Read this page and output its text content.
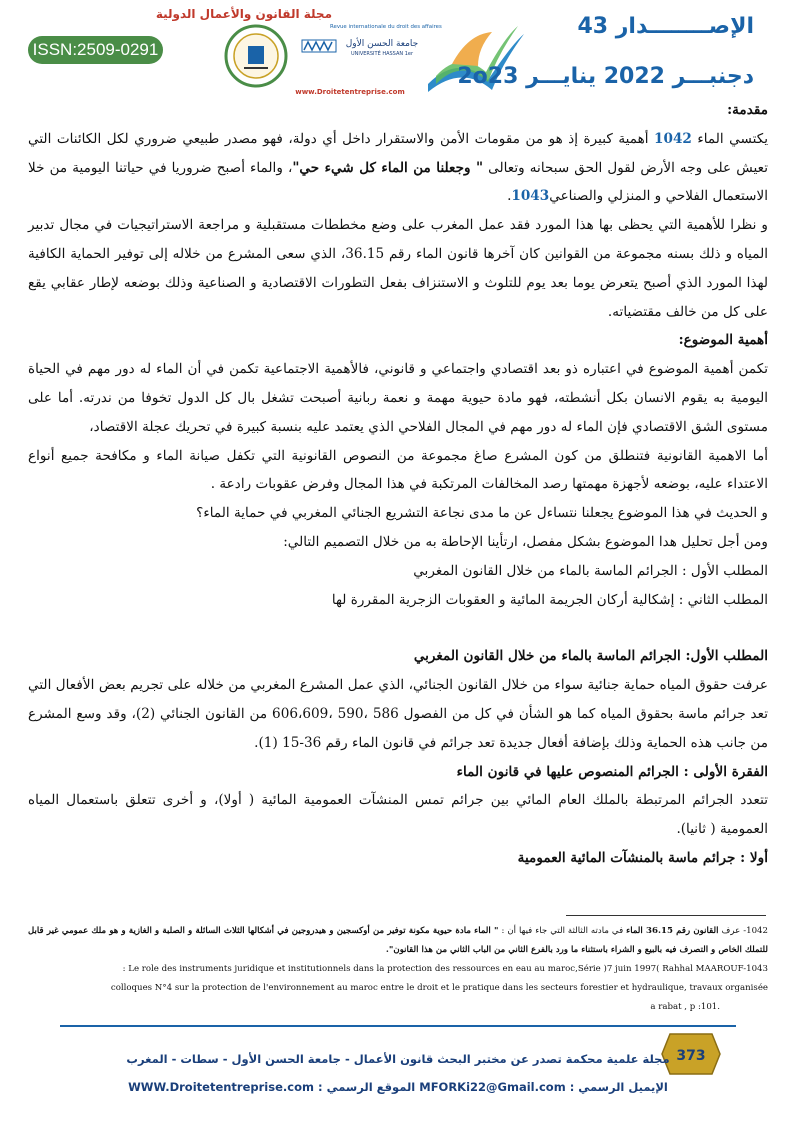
ISSN:2509-0291
مجلة القانون والأعمال الدولية
Revue internationale du droit des affaires
جامعة الحسن الأول
UNIVERSITÉ HASSAN 1er
www.Droitetentreprise.com
الإصــــــــدار 43
دجنبـــر 2022 ينايـــر 2o23

مقدمة:

يكتسي الماء 1042 أهمية كبيرة إذ هو من مقومات الأمن والاستقرار داخل أي دولة، فهو مصدر طبيعي ضروري لكل الكائنات التي تعيش على وجه الأرض لقول الحق سبحانه وتعالى " وجعلنا من الماء كل شيء حي"، والماء أصبح ضروريا في حياتنا اليومية من خلا الاستعمال الفلاحي و المنزلي والصناعي1043.

و نظرا للأهمية التي يحظى بها هذا المورد فقد عمل المغرب على وضع مخططات مستقبلية و مراجعة الاستراتيجيات في مجال تدبير المياه و ذلك بسنه مجموعة من القوانين كان آخرها قانون الماء رقم 36.15، الذي سعى المشرع من خلاله إلى توفير الحماية الكافية لهذا المورد الذي أصبح يتعرض يوما بعد يوم للتلوث و الاستنزاف بفعل التطورات الاقتصادية و الصناعية وذلك بوضعه لإطار عقابي يقع على كل من خالف مقتضياته.

أهمية الموضوع:

تكمن أهمية الموضوع في اعتباره ذو بعد اقتصادي واجتماعي و قانوني، فالأهمية الاجتماعية تكمن في أن الماء له دور مهم في الحياة اليومية به يقوم الانسان بكل أنشطته، فهو مادة حيوية مهمة و نعمة ربانية أصبحت تشغل بال كل الدول تخوفا من ندرته. أما على مستوى الشق الاقتصادي فإن الماء له دور مهم في المجال الفلاحي الذي يعتمد عليه بنسبة كبيرة في تحريك عجلة الاقتصاد،

أما الاهمية القانونية فتنطلق من كون المشرع صاغ مجموعة من النصوص القانونية التي تكفل صيانة الماء و مكافحة جميع أنواع الاعتداء عليه، بوضعه لأجهزة مهمتها رصد المخالفات المرتكبة في هذا المجال وفرض عقوبات رادعة .

و الحديث في هذا الموضوع يجعلنا نتساءل عن ما مدى نجاعة التشريع الجنائي المغربي في حماية الماء؟

ومن أجل تحليل هدا الموضوع بشكل مفصل، ارتأينا الإحاطة به من خلال التصميم التالي:

المطلب الأول : الجرائم الماسة بالماء من خلال القانون المغربي

المطلب الثاني : إشكالية أركان الجريمة المائية و العقوبات الزجرية المقررة لها

المطلب الأول: الجرائم الماسة بالماء من خلال القانون المغربي

عرفت حقوق المياه حماية جنائية سواء من خلال القانون الجنائي، الذي عمل المشرع المغربي من خلاله على تجريم بعض الأفعال التي تعد جرائم ماسة بحقوق المياه كما هو الشأن في كل من الفصول 586 ،590 ،606،609 من القانون الجنائي (2)، وقد وسع المشرع من جانب هذه الحماية وذلك بإضافة أفعال جديدة تعد جرائم في قانون الماء رقم 36-15 (1).

الفقرة الأولى : الجرائم المنصوص عليها في قانون الماء

تتعدد الجرائم المرتبطة بالملك العام المائي بين جرائم تمس المنشآت العمومية المائية ( أولا)، و أخرى تتعلق باستعمال المياه العمومية ( ثانيا).

أولا : جرائم ماسة بالمنشآت المائية العمومية

1042- عرف القانون رقم 36.15 الماء في مادته الثالثة التي جاء فيها أن : " الماء مادة حيوية مكونة توفير من أوكسجين و هيدروجين في أشكالها الثلاث السائلة و الصلبة و الغازية و هو ملك عمومي غير قابل للتملك الخاص و التصرف فيه بالبيع و الشراء باستثناء ما ورد بالفرع الثاني من الباب الثاني من هذا القانون".
: Le role des instruments juridique et institutionnels dans la protection des ressources en eau au maroc,Série )7 juin 1997( Rahhal MAAROUF-1043
colloques N°4 sur la protection de l'environnement au maroc entre le droit et le pratique dans les secteurs forestier et hydraulique, travaux organisée
a rabat , p :101.
373
مجلة علمية محكمة تصدر عن مختبر البحث قانون الأعمال - جامعة الحسن الأول - سطات - المغرب
الإيميل الرسمي : MFORKi22@Gmail.com الموقع الرسمي : WWW.Droitetentreprise.com
